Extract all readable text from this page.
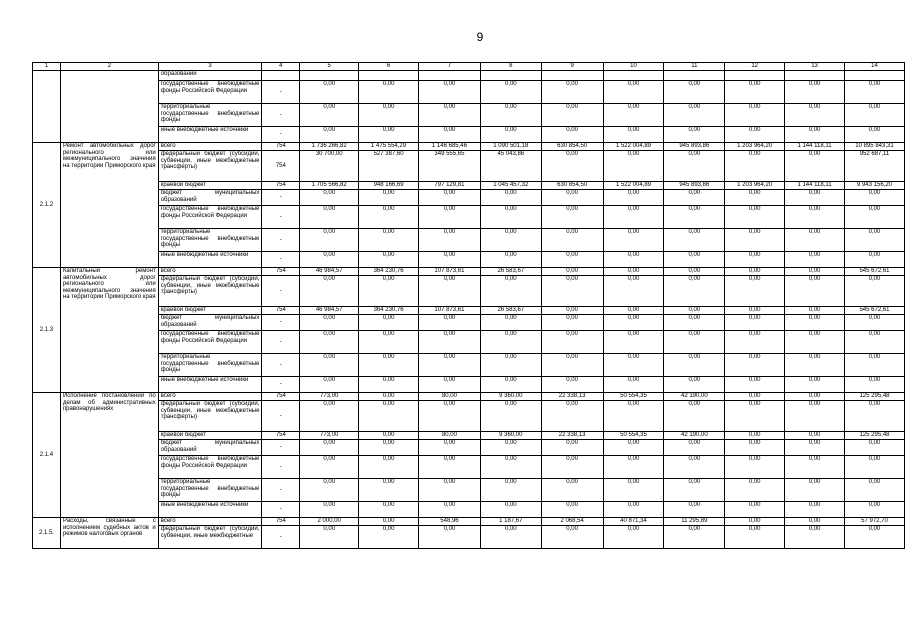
9
1	2	3	4	5	6	7	8	9	10	11	12	13	14
		образований											
		государственные внебюджетные фонды Российской Федерации	-	0,00	0,00	0,00	0,00	0,00	0,00	0,00	0,00	0,00	0,00
		территориальные государственные внебюджетные фонды	-	0,00	0,00	0,00	0,00	0,00	0,00	0,00	0,00	0,00	0,00
		иные внебюджетные источники	-	0,00	0,00	0,00	0,00	0,00	0,00	0,00	0,00	0,00	0,00
2.1.2	Ремонт автомобильных дорог регионального или межмуниципального значения на территории Приморского края	всего	754	1 736 266,82	1 475 554,29	1 146 685,46	1 090 501,18	630 854,50	1 522 004,89	945 893,86	1 203 964,20	1 144 118,11	10 895 843,31
		федеральный бюджет (субсидии, субвенции, иные межбюджетные трансферты)	754	30 700,00	527 387,60	349 555,65	45 043,86	0,00	0,00	0,00	0,00	0,00	952 687,11
		краевой бюджет	754	1 705 566,82	948 166,69	797 129,81	1 045 457,32	630 854,50	1 522 004,89	945 893,86	1 203 964,20	1 144 118,11	9 943 156,20
		бюджет муниципальных образований	-	0,00	0,00	0,00	0,00	0,00	0,00	0,00	0,00	0,00	0,00
		государственные внебюджетные фонды Российской Федерации	-	0,00	0,00	0,00	0,00	0,00	0,00	0,00	0,00	0,00	0,00
		территориальные государственные внебюджетные фонды	-	0,00	0,00	0,00	0,00	0,00	0,00	0,00	0,00	0,00	0,00
		иные внебюджетные источники	-	0,00	0,00	0,00	0,00	0,00	0,00	0,00	0,00	0,00	0,00
2.1.3	Капитальный ремонт автомобильных дорог регионального или межмуниципального значения на территории Приморского края	всего	754	46 984,57	364 230,76	107 873,61	26 583,67	0,00	0,00	0,00	0,00	0,00	545 672,61
		федеральный бюджет (субсидии, субвенции, иные межбюджетные трансферты)	-	0,00	0,00	0,00	0,00	0,00	0,00	0,00	0,00	0,00	0,00
		краевой бюджет	754	46 984,57	364 230,76	107 873,61	26 583,67	0,00	0,00	0,00	0,00	0,00	545 672,61
		бюджет муниципальных образований	-	0,00	0,00	0,00	0,00	0,00	0,00	0,00	0,00	0,00	0,00
		государственные внебюджетные фонды Российской Федерации	-	0,00	0,00	0,00	0,00	0,00	0,00	0,00	0,00	0,00	0,00
		территориальные государственные внебюджетные фонды	-	0,00	0,00	0,00	0,00	0,00	0,00	0,00	0,00	0,00	0,00
		иные внебюджетные источники	-	0,00	0,00	0,00	0,00	0,00	0,00	0,00	0,00	0,00	0,00
2.1.4	Исполнение постановлений по делам об административных правонарушениях	всего	754	773,00	0,00	80,00	9 360,00	22 338,13	50 554,35	42 190,00	0,00	0,00	125 295,48
		федеральный бюджет (субсидии, субвенции, иные межбюджетные трансферты)	-	0,00	0,00	0,00	0,00	0,00	0,00	0,00	0,00	0,00	0,00
		краевой бюджет	754	773,00	0,00	80,00	9 360,00	22 338,13	50 554,35	42 190,00	0,00	0,00	125 295,48
		бюджет муниципальных образований	-	0,00	0,00	0,00	0,00	0,00	0,00	0,00	0,00	0,00	0,00
		государственные внебюджетные фонды Российской Федерации	-	0,00	0,00	0,00	0,00	0,00	0,00	0,00	0,00	0,00	0,00
		территориальные государственные внебюджетные фонды	-	0,00	0,00	0,00	0,00	0,00	0,00	0,00	0,00	0,00	0,00
		иные внебюджетные источники	-	0,00	0,00	0,00	0,00	0,00	0,00	0,00	0,00	0,00	0,00
2.1.5.	Расходы, связанные с исполнением судебных актов и режимов налоговых органов	всего	754	2 000,00	0,00	548,96	1 187,67	2 068,54	40 871,34	11 295,89	0,00	0,00	57 972,70
		федеральный бюджет (субсидии, субвенции, иные межбюджетные	-	0,00	0,00	0,00	0,00	0,00	0,00	0,00	0,00	0,00	0,00
